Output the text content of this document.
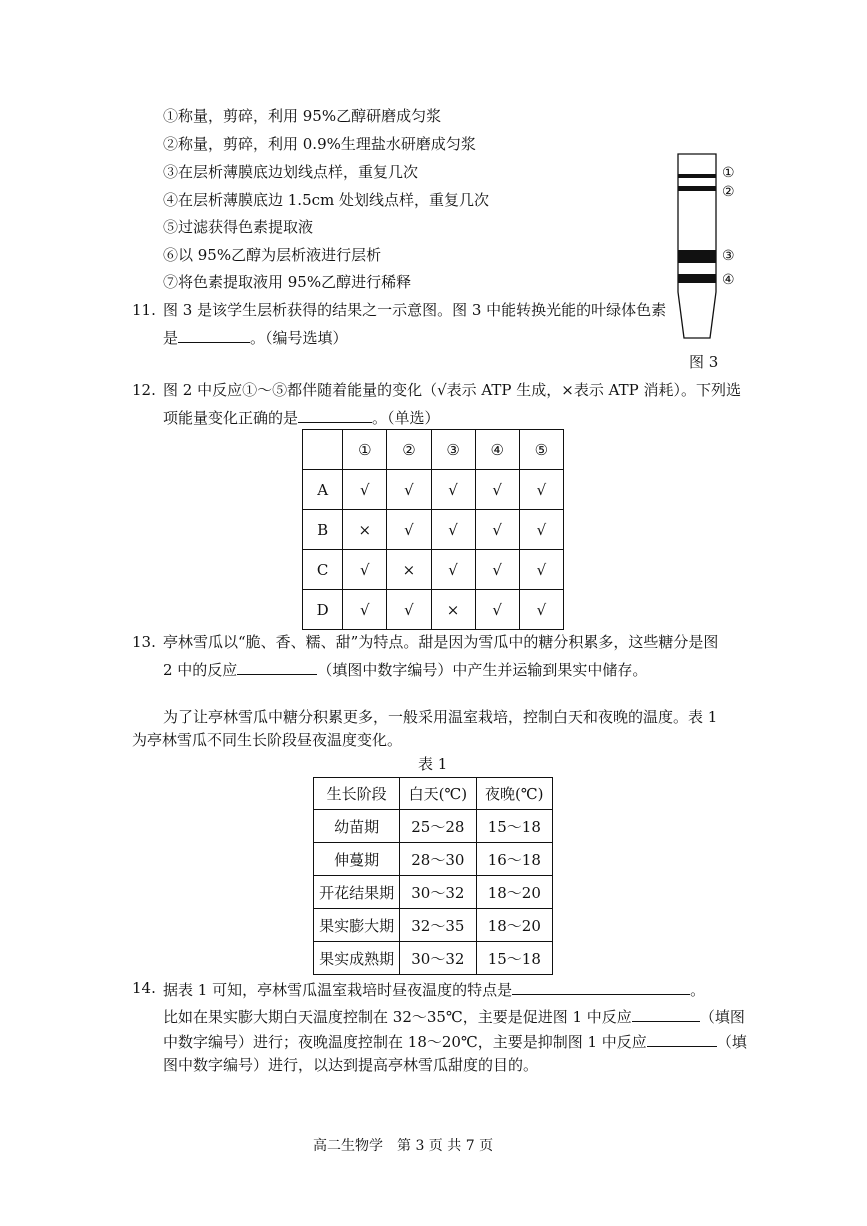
①称量，剪碎，利用 95%乙醇研磨成匀浆
②称量，剪碎，利用 0.9%生理盐水研磨成匀浆
③在层析薄膜底边划线点样，重复几次
④在层析薄膜底边 1.5cm 处划线点样，重复几次
⑤过滤获得色素提取液
⑥以 95%乙醇为层析液进行层析
⑦将色素提取液用 95%乙醇进行稀释
①
②
③
④
图 3
11. 图 3 是该学生层析获得的结果之一示意图。图 3 中能转换光能的叶绿体色素
是	。（编号选填）
12. 图 2 中反应①～⑤都伴随着能量的变化（√表示 ATP 生成，×表示 ATP 消耗）。下列选
项能量变化正确的是	。（单选）
	①	②	③	④	⑤
A	√	√	√	√	√
B	×	√	√	√	√
C	√	×	√	√	√
D	√	√	×	√	√
13. 亭林雪瓜以“脆、香、糯、甜”为特点。甜是因为雪瓜中的糖分积累多，这些糖分是图
2 中的反应	（填图中数字编号）中产生并运输到果实中储存。
为了让亭林雪瓜中糖分积累更多，一般采用温室栽培，控制白天和夜晚的温度。表 1
为亭林雪瓜不同生长阶段昼夜温度变化。
表 1
生长阶段	白天(℃)	夜晚(℃)
幼苗期	25～28	15～18
伸蔓期	28～30	16～18
开花结果期	30～32	18～20
果实膨大期	32～35	18～20
果实成熟期	30～32	15～18
14. 据表 1 可知，亭林雪瓜温室栽培时昼夜温度的特点是	。
比如在果实膨大期白天温度控制在 32～35℃，主要是促进图 1 中反应	（填图
中数字编号）进行；夜晚温度控制在 18～20℃，主要是抑制图 1 中反应	（填
图中数字编号）进行，以达到提高亭林雪瓜甜度的目的。
高二生物学　第 3 页 共 7 页
